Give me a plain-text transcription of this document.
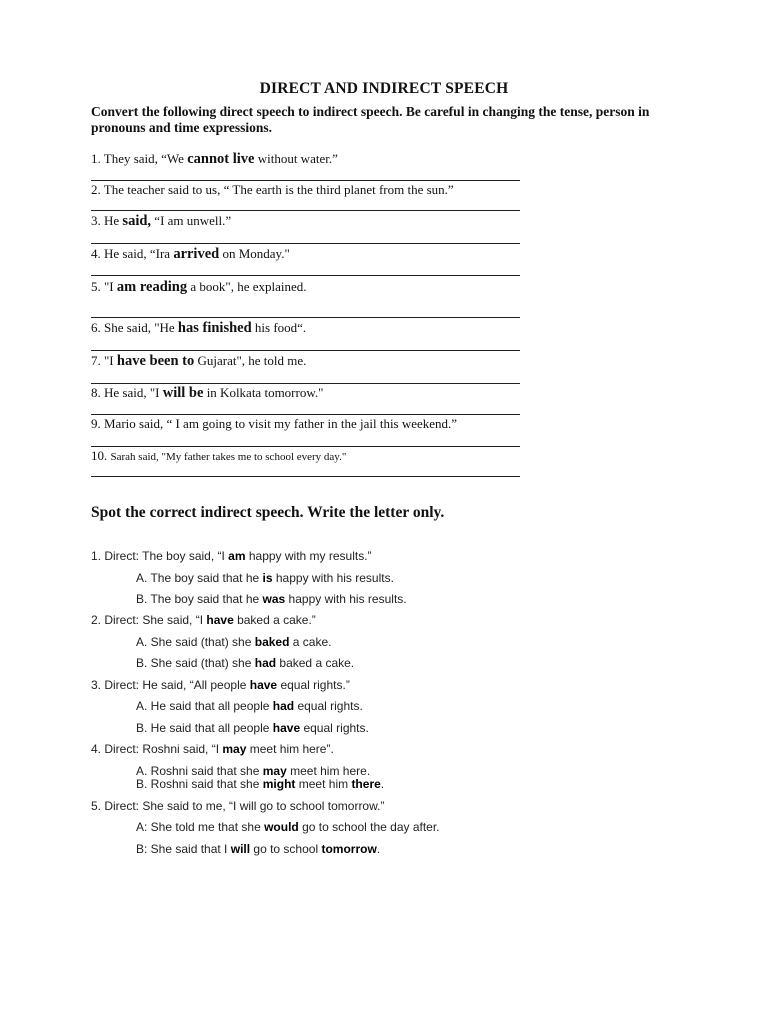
DIRECT AND INDIRECT SPEECH
Convert the following direct speech to indirect speech. Be careful in changing the tense, person in pronouns and time expressions.
1. They said, “We cannot live without water.”
2. The teacher said to us, “ The earth is the third planet from the sun.”
3. He said, “I am unwell.”
4. He said, “Ira arrived on Monday."
5. "I am reading a book", he explained.
6. She said, "He has finished his food“.
7. "I have been to Gujarat", he told me.
8. He said, "I will be in Kolkata tomorrow."
9. Mario said, “ I am going to visit my father in the jail this weekend.”
10. Sarah said, "My father takes me to school every day."
Spot the correct indirect speech. Write the letter only.
1. Direct: The boy said, “I am happy with my results.”
A. The boy said that he is happy with his results.
B. The boy said that he was happy with his results.
2. Direct: She said, “I have baked a cake.”
A. She said (that) she baked a cake.
B. She said (that) she had baked a cake.
3. Direct: He said, “All people have equal rights.”
A. He said that all people had equal rights.
B. He said that all people have equal rights.
4. Direct: Roshni said, “I may meet him here”.
A. Roshni said that she may meet him here.
B. Roshni said that she might meet him there.
5. Direct: She said to me, “I will go to school tomorrow.”
A: She told me that she would go to school the day after.
B: She said that I will go to school tomorrow.
